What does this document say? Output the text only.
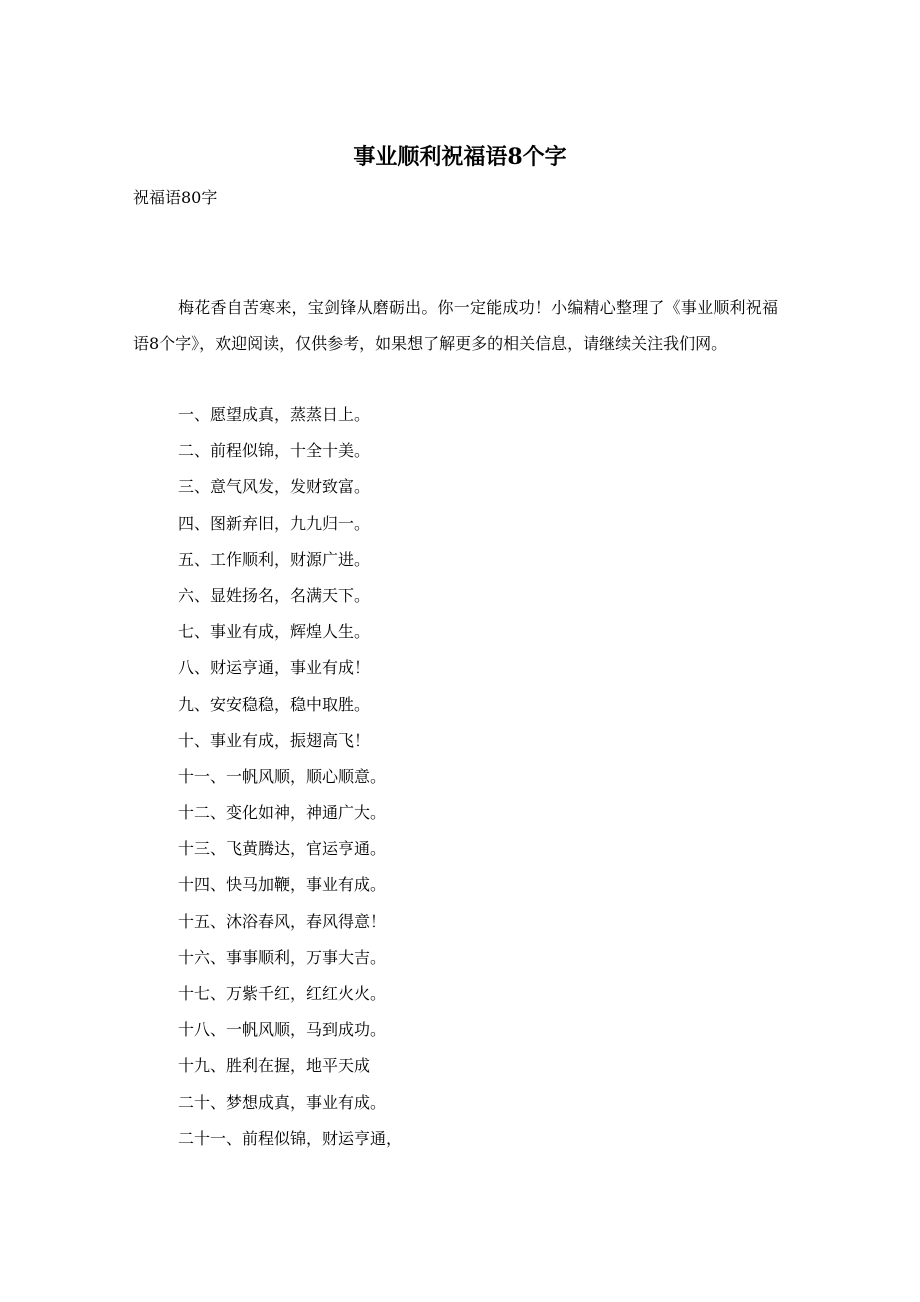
事业顺利祝福语8个字

祝福语80字

梅花香自苦寒来，宝剑锋从磨砺出。你一定能成功！小编精心整理了《事业顺利祝福语8个字》，欢迎阅读，仅供参考，如果想了解更多的相关信息，请继续关注我们网。

一、愿望成真，蒸蒸日上。
二、前程似锦，十全十美。
三、意气风发，发财致富。
四、图新弃旧，九九归一。
五、工作顺利，财源广进。
六、显姓扬名，名满天下。
七、事业有成，辉煌人生。
八、财运亨通，事业有成！
九、安安稳稳，稳中取胜。
十、事业有成，振翅高飞！
十一、一帆风顺，顺心顺意。
十二、变化如神，神通广大。
十三、飞黄腾达，官运亨通。
十四、快马加鞭，事业有成。
十五、沐浴春风，春风得意！
十六、事事顺利，万事大吉。
十七、万紫千红，红红火火。
十八、一帆风顺，马到成功。
十九、胜利在握，地平天成
二十、梦想成真，事业有成。
二十一、前程似锦，财运亨通，
